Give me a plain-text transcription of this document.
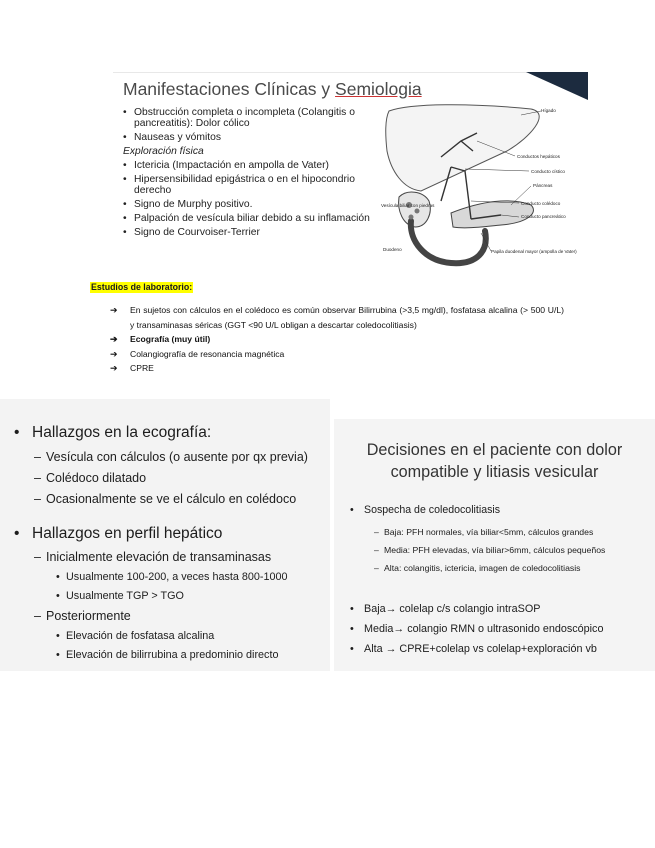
Manifestaciones Clínicas y Semiologia
• Obstrucción completa o incompleta (Colangitis o pancreatitis): Dolor cólico
• Nauseas y vómitos
Exploración física
• Ictericia (Impactación en ampolla de Vater)
• Hipersensibilidad epigástrica o en el hipocondrio derecho
• Signo de Murphy positivo.
• Palpación de vesícula biliar debido a su inflamación
• Signo de Courvoiser-Terrier
Hígado
Conductos hepáticos
Conducto cístico
Páncreas
Conducto colédoco
Conducto pancreático
Vesícula biliar con piedras
Duodeno	Papila duodenal mayor (ampolla de Vater)
Estudios de laboratorio:
➔ En sujetos con cálculos en el colédoco es común observar Bilirrubina (>3,5 mg/dl), fosfatasa alcalina (> 500 U/L) y transaminasas séricas (GGT <90 U/L obligan a descartar coledocolitiasis)
➔ Ecografía (muy útil)
➔ Colangiografía de resonancia magnética
➔ CPRE
• Hallazgos en la ecografía:
– Vesícula con cálculos (o ausente por qx previa)
– Colédoco dilatado
– Ocasionalmente se ve el cálculo en colédoco
• Hallazgos en perfil hepático
– Inicialmente elevación de transaminasas
• Usualmente 100-200, a veces hasta 800-1000
• Usualmente TGP > TGO
– Posteriormente
• Elevación de fosfatasa alcalina
• Elevación de bilirrubina a predominio directo
Decisiones en el paciente con dolor compatible y litiasis vesicular
• Sospecha de coledocolitiasis
– Baja: PFH normales, vía biliar<5mm, cálculos grandes
– Media: PFH elevadas, vía biliar>6mm, cálculos pequeños
– Alta: colangitis, ictericia, imagen de coledocolitiasis
• Baja→ colelap c/s colangio intraSOP
• Media→ colangio RMN o ultrasonido endoscópico
• Alta → CPRE+colelap vs colelap+exploración vb
